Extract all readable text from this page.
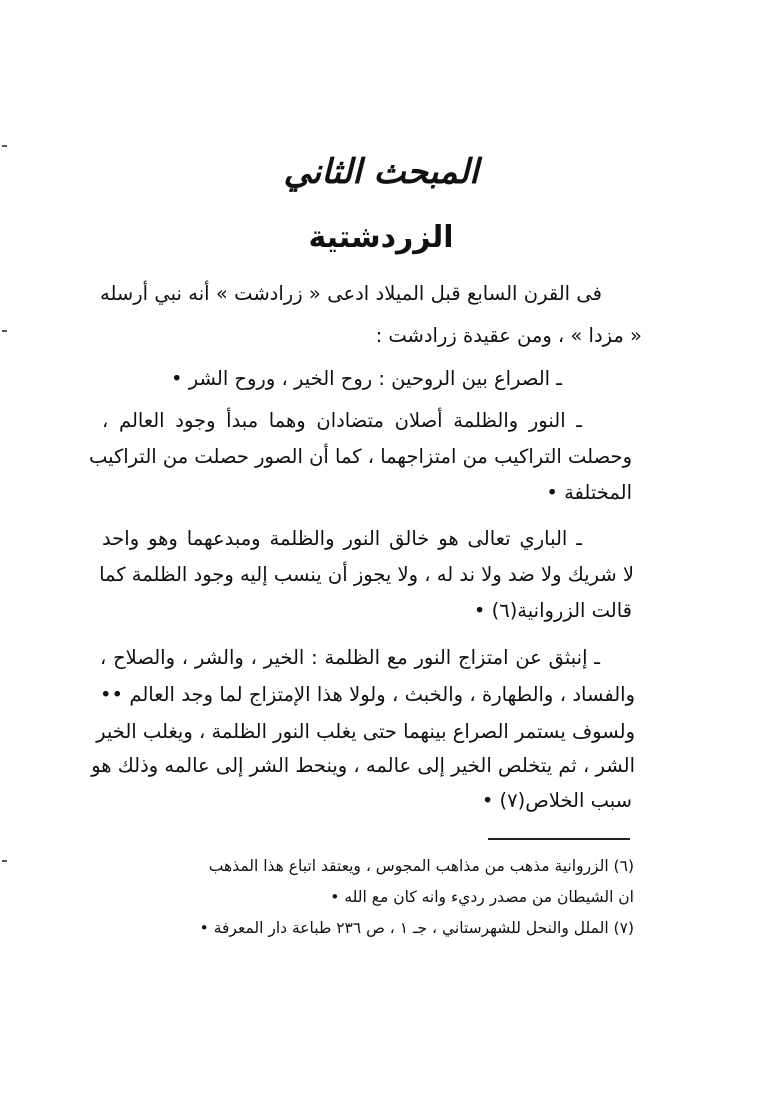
المبحث الثاني
الزردشتية
فى القرن السابع قبل الميلاد ادعى « زرادشت » أنه نبي أرسله
« مزدا » ، ومن عقيدة زرادشت :
ـ الصراع بين الروحين : روح الخير ، وروح الشر •
ـ النور والظلمة أصلان متضادان وهما مبدأ وجود العالم ،
وحصلت التراكيب من امتزاجهما ، كما أن الصور حصلت من التراكيب
المختلفة •
ـ الباري تعالى هو خالق النور والظلمة ومبدعهما وهو واحد
لا شريك ولا ضد ولا ند له ، ولا يجوز أن ينسب إليه وجود الظلمة كما
قالت الزروانية(٦) •
ـ إنبثق عن امتزاج النور مع الظلمة : الخير ، والشر ، والصلاح ،
والفساد ، والطهارة ، والخبث ، ولولا هذا الإمتزاج لما وجد العالم ••
ولسوف يستمر الصراع بينهما حتى يغلب النور الظلمة ، ويغلب الخير
الشر ، ثم يتخلص الخير إلى عالمه ، وينحط الشر إلى عالمه وذلك هو
سبب الخلاص(٧) •
(٦) الزروانية مذهب من مذاهب المجوس ، ويعتقد اتباع هذا المذهب
ان الشيطان من مصدر رديء وانه كان مع الله •
(٧) الملل والنحل للشهرستاني ، جـ ١ ، ص ٢٣٦ طباعة دار المعرفة •
